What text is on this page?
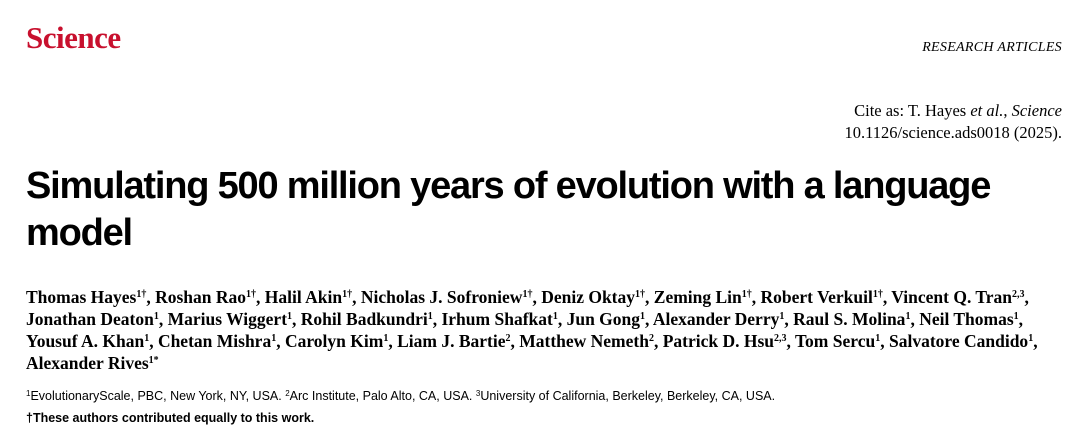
Science	RESEARCH ARTICLES
Cite as: T. Hayes et al., Science
10.1126/science.ads0018 (2025).
Simulating 500 million years of evolution with a language model
Thomas Hayes$^{1\dagger}$, Roshan Rao$^{1\dagger}$, Halil Akin$^{1\dagger}$, Nicholas J. Sofroniew$^{1\dagger}$, Deniz Oktay$^{1\dagger}$, Zeming Lin$^{1\dagger}$, Robert Verkuil$^{1\dagger}$, Vincent Q. Tran$^{2,3}$, Jonathan Deaton$^1$, Marius Wiggert$^1$, Rohil Badkundri$^1$, Irhum Shafkat$^1$, Jun Gong$^1$, Alexander Derry$^1$, Raul S. Molina$^1$, Neil Thomas$^1$, Yousuf A. Khan$^1$, Chetan Mishra$^1$, Carolyn Kim$^1$, Liam J. Bartie$^2$, Matthew Nemeth$^2$, Patrick D. Hsu$^{2,3}$, Tom Sercu$^1$, Salvatore Candido$^1$, Alexander Rives$^{1*}$
$^1$EvolutionaryScale, PBC, New York, NY, USA. $^2$Arc Institute, Palo Alto, CA, USA. $^3$University of California, Berkeley, Berkeley, CA, USA.
†These authors contributed equally to this work.
